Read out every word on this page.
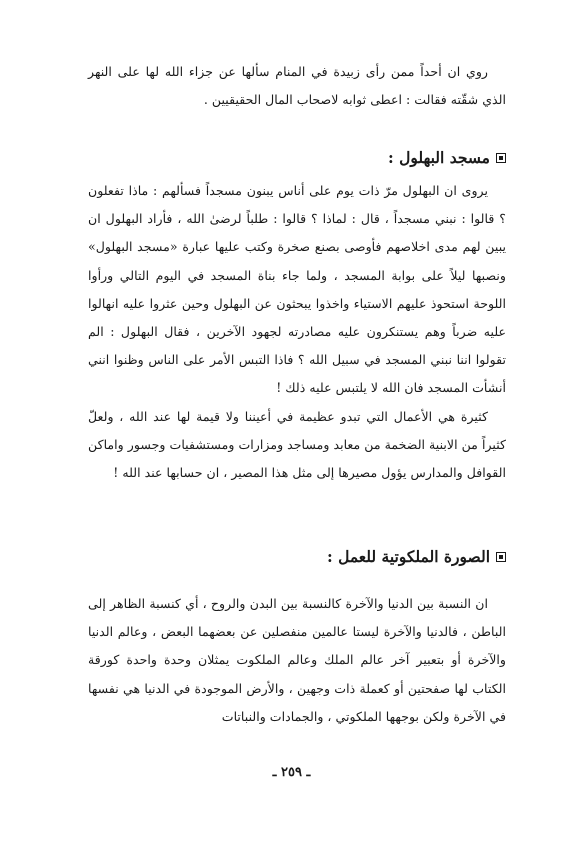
روي ان أحداً ممن رأى زبيدة في المنام سألها عن جزاء الله لها على النهر الذي شقّته فقالت : اعطى ثوابه لاصحاب المال الحقيقيين .

مسجد البهلول :

يروى ان البهلول مرّ ذات يوم على أناس يبنون مسجداً فسألهم : ماذا تفعلون ؟ قالوا : نبني مسجداً ، قال : لماذا ؟ قالوا : طلباً لرضىٰ الله ، فأراد البهلول ان يبين لهم مدى اخلاصهم فأوصى بصنع صخرة وكتب عليها عبارة «مسجد البهلول» ونصبها ليلاً على بوابة المسجد ، ولما جاء بناة المسجد في اليوم التالي ورأوا اللوحة استحوذ عليهم الاستياء واخذوا يبحثون عن البهلول وحين عثروا عليه انهالوا عليه ضرباً وهم يستنكرون عليه مصادرته لجهود الآخرين ، فقال البهلول : الم تقولوا اننا نبني المسجد في سبيل الله ؟ فاذا التبس الأمر على الناس وظنوا انني أنشأت المسجد فان الله لا يلتبس عليه ذلك !

كثيرة هي الأعمال التي تبدو عظيمة في أعيننا ولا قيمة لها عند الله ، ولعلّ كثيراً من الابنية الضخمة من معابد ومساجد ومزارات ومستشفيات وجسور واماكن القوافل والمدارس يؤول مصيرها إلى مثل هذا المصير ، ان حسابها عند الله !

الصورة الملكوتية للعمل :

ان النسبة بين الدنيا والآخرة كالنسبة بين البدن والروح ، أي كنسبة الظاهر إلى الباطن ، فالدنيا والآخرة ليستا عالمين منفصلين عن بعضهما البعض ، وعالم الدنيا والآخرة أو بتعبير آخر عالم الملك وعالم الملكوت يمثلان وحدة واحدة كورقة الكتاب لها صفحتين أو كعملة ذات وجهين ، والأرض الموجودة في الدنيا هي نفسها في الآخرة ولكن بوجهها الملكوتي ، والجمادات والنباتات

ـ ٢٥٩ ـ
